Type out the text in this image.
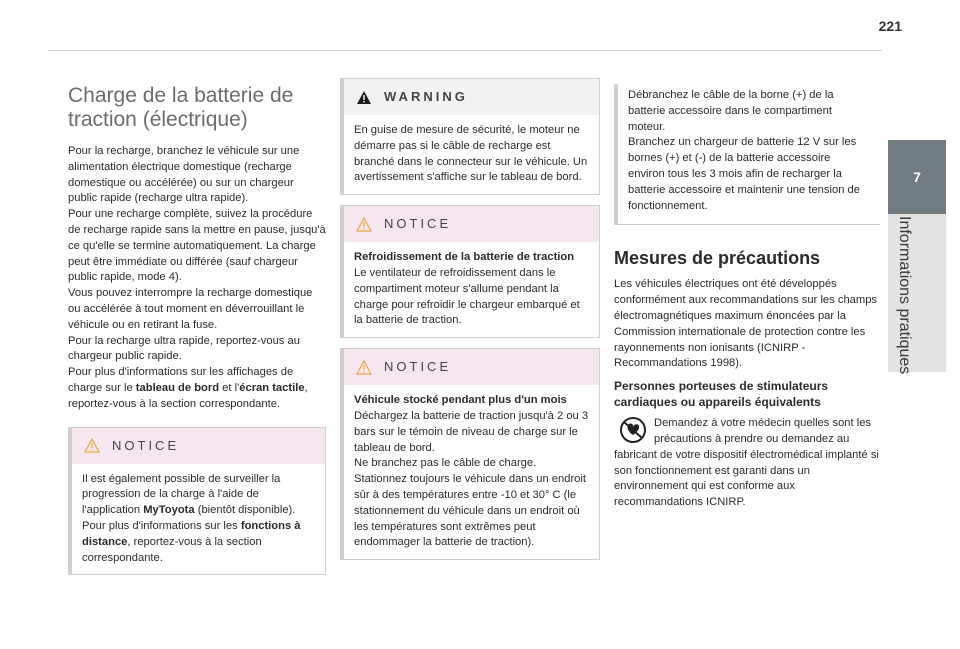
221
7
Informations pratiques
Charge de la batterie de traction (électrique)

Pour la recharge, branchez le véhicule sur une alimentation électrique domestique (recharge domestique ou accélérée) ou sur un chargeur public rapide (recharge ultra rapide).

Pour une recharge complète, suivez la procédure de recharge rapide sans la mettre en pause, jusqu'à ce qu'elle se termine automatiquement. La charge peut être immédiate ou différée (sauf chargeur public rapide, mode 4).

Vous pouvez interrompre la recharge domestique ou accélérée à tout moment en déverrouillant le véhicule ou en retirant la fuse.

Pour la recharge ultra rapide, reportez-vous au chargeur public rapide.

Pour plus d'informations sur les affichages de charge sur le tableau de bord et l'écran tactile, reportez-vous à la section correspondante.

NOTICE

Il est également possible de surveiller la progression de la charge à l'aide de l'application MyToyota (bientôt disponible). Pour plus d'informations sur les fonctions à distance, reportez-vous à la section correspondante.

WARNING

En guise de mesure de sécurité, le moteur ne démarre pas si le câble de recharge est branché dans le connecteur sur le véhicule. Un avertissement s'affiche sur le tableau de bord.

NOTICE

Refroidissement de la batterie de traction

Le ventilateur de refroidissement dans le compartiment moteur s'allume pendant la charge pour refroidir le chargeur embarqué et la batterie de traction.

NOTICE

Véhicule stocké pendant plus d'un mois

Déchargez la batterie de traction jusqu'à 2 ou 3 bars sur le témoin de niveau de charge sur le tableau de bord.

Ne branchez pas le câble de charge.

Stationnez toujours le véhicule dans un endroit sûr à des températures entre -10 et 30° C (le stationnement du véhicule dans un endroit où les températures sont extrêmes peut endommager la batterie de traction).

Débranchez le câble de la borne (+) de la batterie accessoire dans le compartiment moteur.

Branchez un chargeur de batterie 12 V sur les bornes (+) et (-) de la batterie accessoire environ tous les 3 mois afin de recharger la batterie accessoire et maintenir une tension de fonctionnement.

Mesures de précautions

Les véhicules électriques ont été développés conformément aux recommandations sur les champs électromagnétiques maximum énoncées par la Commission internationale de protection contre les rayonnements non ionisants (ICNIRP - Recommandations 1998).

Personnes porteuses de stimulateurs cardiaques ou appareils équivalents

Demandez à votre médecin quelles sont les précautions à prendre ou demandez au fabricant de votre dispositif électromédical implanté si son fonctionnement est garanti dans un environnement qui est conforme aux recommandations ICNIRP.
